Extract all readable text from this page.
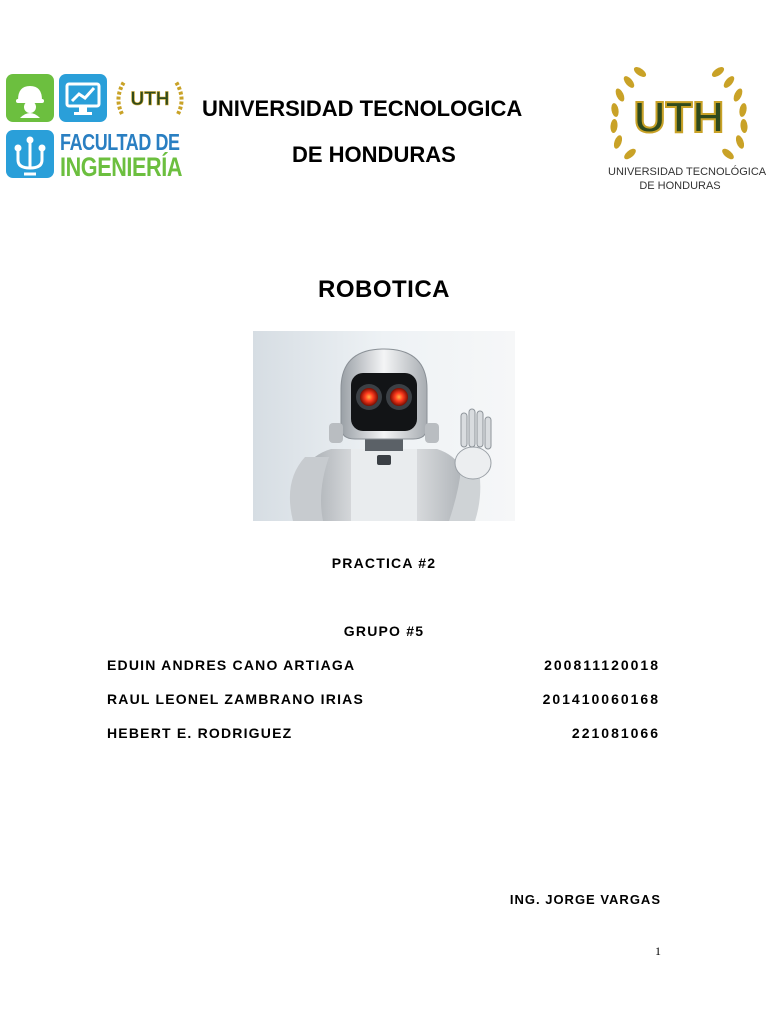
UTH
FACULTAD DE
INGENIERÍA
UNIVERSIDAD TECNOLOGICA
DE HONDURAS
UTH
UNIVERSIDAD TECNOLÓGICA
DE HONDURAS
ROBOTICA
PRACTICA #2
GRUPO #5
EDUIN ANDRES CANO ARTIAGA	200811120018
RAUL LEONEL ZAMBRANO IRIAS	201410060168
HEBERT E. RODRIGUEZ	221081066
ING. JORGE VARGAS
1
